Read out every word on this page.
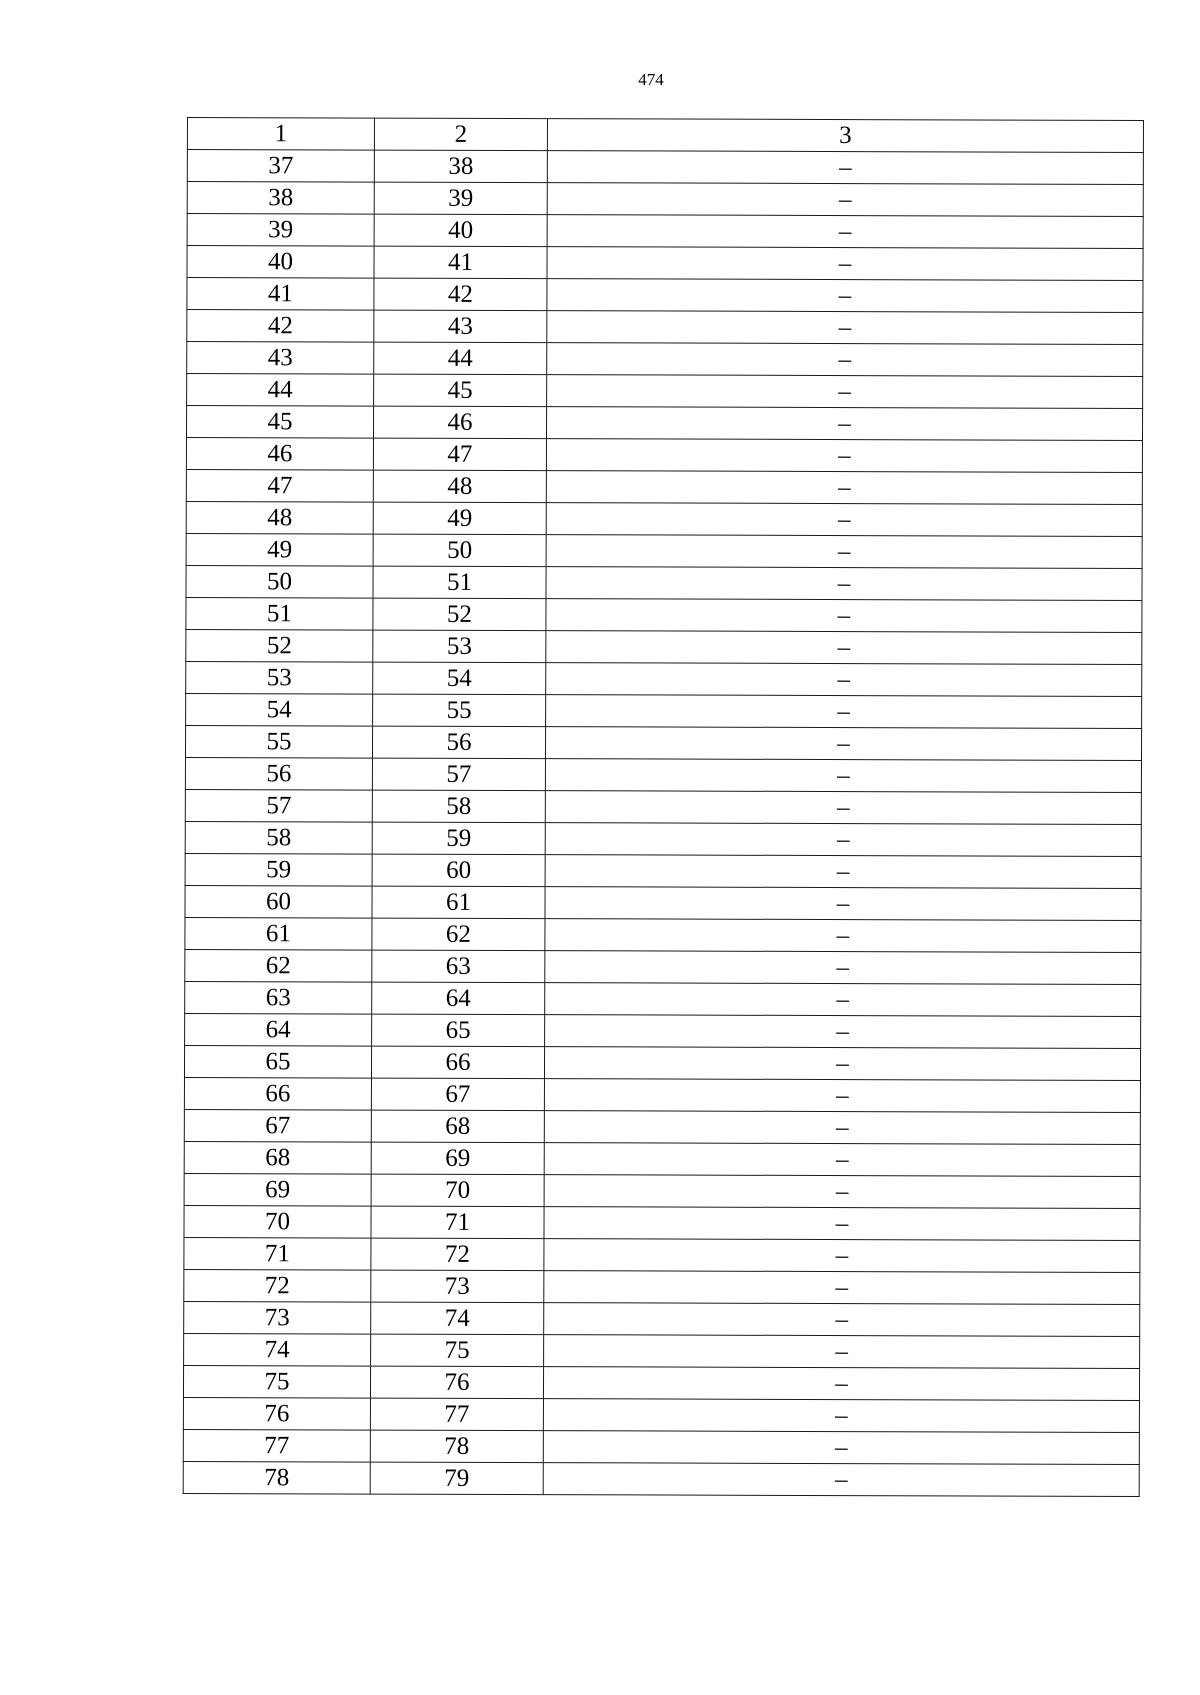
474
1	2	3
37	38	–
38	39	–
39	40	–
40	41	–
41	42	–
42	43	–
43	44	–
44	45	–
45	46	–
46	47	–
47	48	–
48	49	–
49	50	–
50	51	–
51	52	–
52	53	–
53	54	–
54	55	–
55	56	–
56	57	–
57	58	–
58	59	–
59	60	–
60	61	–
61	62	–
62	63	–
63	64	–
64	65	–
65	66	–
66	67	–
67	68	–
68	69	–
69	70	–
70	71	–
71	72	–
72	73	–
73	74	–
74	75	–
75	76	–
76	77	–
77	78	–
78	79	–
